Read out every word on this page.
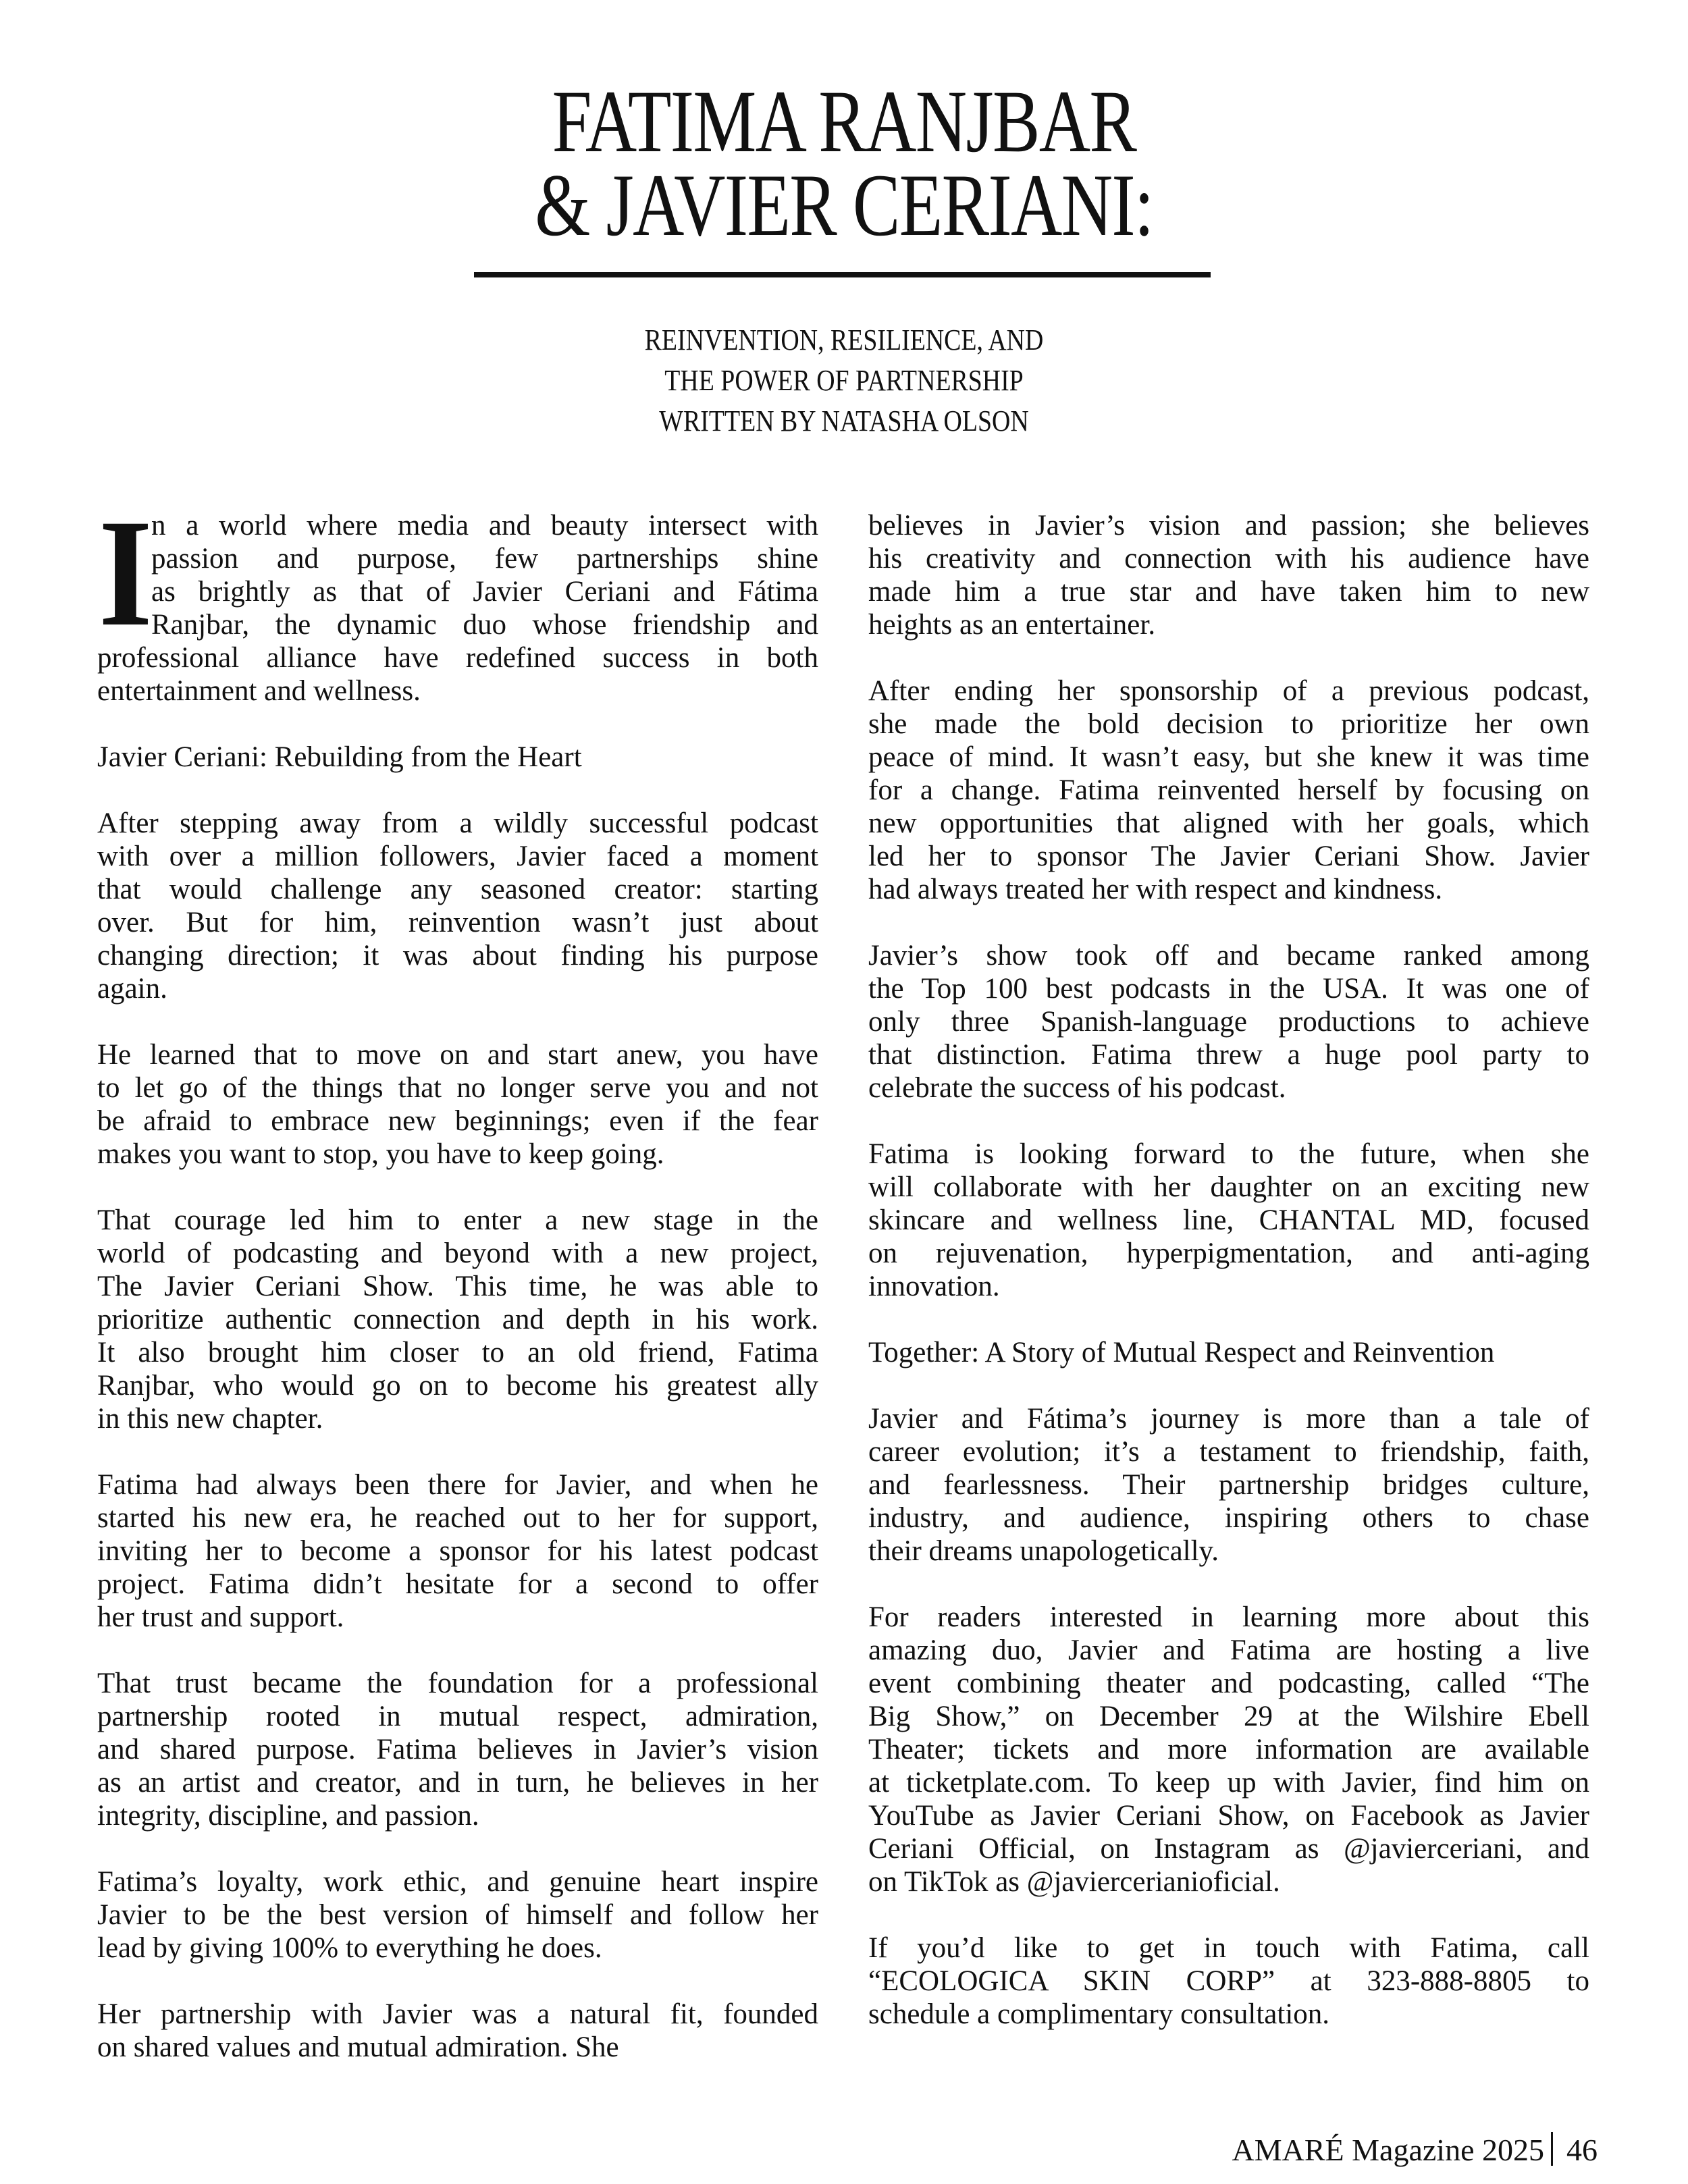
FATIMA RANJBAR
& JAVIER CERIANI:
REINVENTION, RESILIENCE, AND
THE POWER OF PARTNERSHIP
WRITTEN BY NATASHA OLSON
I
n a world where media and beauty intersect with
passion and purpose, few partnerships shine
as brightly as that of Javier Ceriani and Fátima
Ranjbar, the dynamic duo whose friendship and
professional alliance have redefined success in both
entertainment and wellness.
Javier Ceriani: Rebuilding from the Heart
After stepping away from a wildly successful podcast
with over a million followers, Javier faced a moment
that would challenge any seasoned creator: starting
over. But for him, reinvention wasn’t just about
changing direction; it was about finding his purpose
again.
He learned that to move on and start anew, you have
to let go of the things that no longer serve you and not
be afraid to embrace new beginnings; even if the fear
makes you want to stop, you have to keep going.
That courage led him to enter a new stage in the
world of podcasting and beyond with a new project,
The Javier Ceriani Show. This time, he was able to
prioritize authentic connection and depth in his work.
It also brought him closer to an old friend, Fatima
Ranjbar, who would go on to become his greatest ally
in this new chapter.
Fatima had always been there for Javier, and when he
started his new era, he reached out to her for support,
inviting her to become a sponsor for his latest podcast
project. Fatima didn’t hesitate for a second to offer
her trust and support.
That trust became the foundation for a professional
partnership rooted in mutual respect, admiration,
and shared purpose. Fatima believes in Javier’s vision
as an artist and creator, and in turn, he believes in her
integrity, discipline, and passion.
Fatima’s loyalty, work ethic, and genuine heart inspire
Javier to be the best version of himself and follow her
lead by giving 100% to everything he does.
Her partnership with Javier was a natural fit, founded
on shared values and mutual admiration. She
believes in Javier’s vision and passion; she believes
his creativity and connection with his audience have
made him a true star and have taken him to new
heights as an entertainer.
After ending her sponsorship of a previous podcast,
she made the bold decision to prioritize her own
peace of mind. It wasn’t easy, but she knew it was time
for a change. Fatima reinvented herself by focusing on
new opportunities that aligned with her goals, which
led her to sponsor The Javier Ceriani Show. Javier
had always treated her with respect and kindness.
Javier’s show took off and became ranked among
the Top 100 best podcasts in the USA. It was one of
only three Spanish-language productions to achieve
that distinction. Fatima threw a huge pool party to
celebrate the success of his podcast.
Fatima is looking forward to the future, when she
will collaborate with her daughter on an exciting new
skincare and wellness line, CHANTAL MD, focused
on rejuvenation, hyperpigmentation, and anti-aging
innovation.
Together: A Story of Mutual Respect and Reinvention
Javier and Fátima’s journey is more than a tale of
career evolution; it’s a testament to friendship, faith,
and fearlessness. Their partnership bridges culture,
industry, and audience, inspiring others to chase
their dreams unapologetically.
For readers interested in learning more about this
amazing duo, Javier and Fatima are hosting a live
event combining theater and podcasting, called “The
Big Show,” on December 29 at the Wilshire Ebell
Theater; tickets and more information are available
at ticketplate.com. To keep up with Javier, find him on
YouTube as Javier Ceriani Show, on Facebook as Javier
Ceriani Official, on Instagram as @javierceriani, and
on TikTok as @javiercerianioficial.
If you’d like to get in touch with Fatima, call
“ECOLOGICA SKIN CORP” at 323-888-8805 to
schedule a complimentary consultation.
AMARÉ Magazine 2025 46
